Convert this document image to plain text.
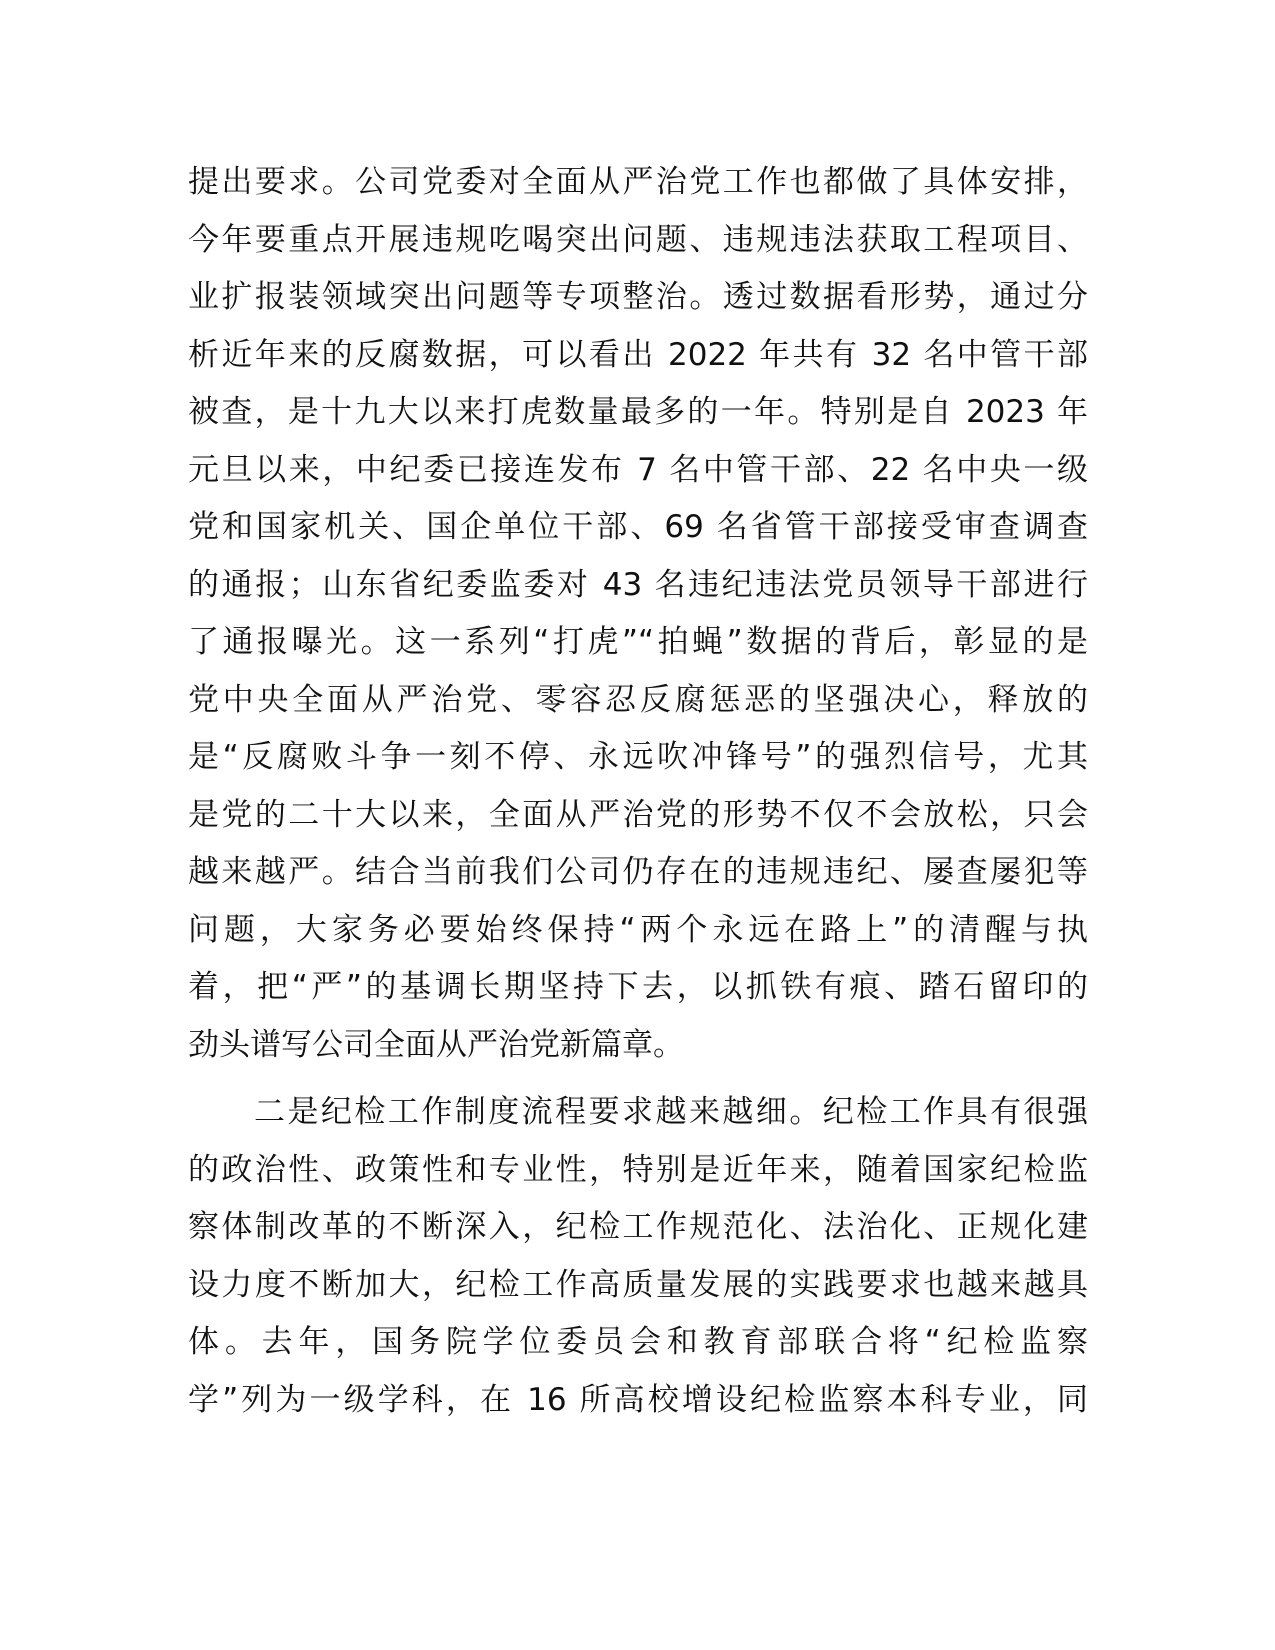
提出要求。公司党委对全面从严治党工作也都做了具体安排，
今年要重点开展违规吃喝突出问题、违规违法获取工程项目、
业扩报装领域突出问题等专项整治。透过数据看形势，通过分
析近年来的反腐数据，可以看出 2022 年共有 32 名中管干部
被查，是十九大以来打虎数量最多的一年。特别是自 2023 年
元旦以来，中纪委已接连发布 7 名中管干部、22 名中央一级
党和国家机关、国企单位干部、69 名省管干部接受审查调查
的通报；山东省纪委监委对 43 名违纪违法党员领导干部进行
了通报曝光。这一系列“打虎”“拍蝇”数据的背后，彰显的是
党中央全面从严治党、零容忍反腐惩恶的坚强决心，释放的
是“反腐败斗争一刻不停、永远吹冲锋号”的强烈信号，尤其
是党的二十大以来，全面从严治党的形势不仅不会放松，只会
越来越严。结合当前我们公司仍存在的违规违纪、屡查屡犯等
问题，大家务必要始终保持“两个永远在路上”的清醒与执
着，把“严”的基调长期坚持下去，以抓铁有痕、踏石留印的
劲头谱写公司全面从严治党新篇章。
二是纪检工作制度流程要求越来越细。纪检工作具有很强
的政治性、政策性和专业性，特别是近年来，随着国家纪检监
察体制改革的不断深入，纪检工作规范化、法治化、正规化建
设力度不断加大，纪检工作高质量发展的实践要求也越来越具
体。去年，国务院学位委员会和教育部联合将“纪检监察
学”列为一级学科，在 16 所高校增设纪检监察本科专业，同
